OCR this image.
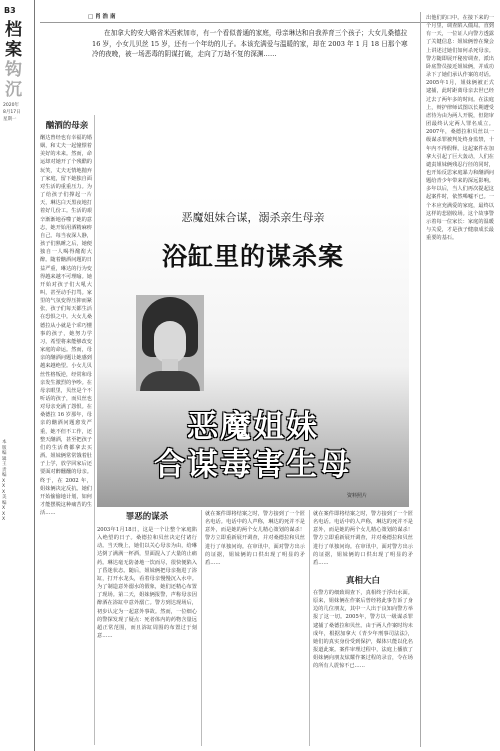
B3
档
案
钩
沉
2020年
8月17日
星期一
本版编辑 王 责编 XXX 美编 XXX
□ 肖 浩 南
在加拿大的安大略省米西索加市，有一个看似普通的家庭，母亲琳达和自我养育三个孩子；大女儿桑德拉 16 岁，小女儿贝丝 15 岁，还有一个年幼的儿子。本该充满爱与温暖的家，却在 2003 年 1 月 18 日那个寒冷的夜晚，被一场恶毒的阴谋打破，走向了万劫不复的深渊……
酗酒的母亲
酗达曾经也有幸福的婚姻，和丈夫一起憧憬着美好的未来。然而，命运却对她开了个残酷的玩笑，丈夫无情地抛弃了家庭，留下她独自面对生活的重重压力。为了给孩子们撑起一片天，琳达白天黑夜地打着好几份工。生活的艰辛渐渐地吞噬了她的意志，她开始用酒精麻痹自己。每当夜深人静，孩子们熟睡之后，她便独自一人喝得酩酊大醉。随着酗酒问题的日益严重，琳达的行为变得越来越不可理喻。她开始对孩子们大吼大叫，甚至动手打骂。家里的气氛变得压抑而紧张，孩子们每天都生活在恐惧之中。大女儿桑德拉从小就是个乖巧懂事的孩子，她努力学习，希望将来能够改变家庭的命运。然而，母亲的酗酒问题让她感到越来越绝望。小女儿贝丝性格叛逆，经常和母亲发生激烈的争吵。在母亲眼里，贝丝是个不听话的孩子，而贝丝也对母亲充满了怨恨。在桑德拉 16 岁那年，母亲的酗酒问题愈发严重，她不但不工作，还整天酗酒，甚至把孩子们的生活费都拿去买酒。姐妹俩常常饿着肚子上学，放学回家后还要面对醉醺醺的母亲。终于，在 2002 年，姐妹俩决定反抗。她们开始偷偷地计划，如何才能摆脱这种痛苦的生活……
恶魔姐妹合谋，溺杀亲生母亲
浴缸里的谋杀案
恶魔姐妹
合谋毒害生母
资料照片
罪恶的谋杀
2003年1月18日，这是一个让整个家庭陷入绝望的日子。桑德拉和贝丝决定付诸行动。当天晚上，她们以关心母亲为由，给琳达倒了满满一杯酒，里面混入了大量的止痛药。琳达毫无防备地一饮而尽，很快便陷入了昏迷状态。随后，姐妹俩把母亲拖进了浴缸，打开水龙头，看着母亲慢慢沉入水中。为了制造意外溺水的假象，她们还精心布置了现场。第二天，姐妹俩报警，声称母亲因醉酒在浴缸中意外溺亡。警方到达现场后，初步认定为一起意外事故。然而，一位细心的警探发现了疑点：死者体内的药物含量远超正常范围，而且浴缸周围的布置过于刻意……
就在案件即将结案之时，警方接到了一个匿名电话。电话中的人声称，琳达的死并不是意外，而是她的两个女儿精心策划的谋杀！警方立即重新展开调查，并对桑德拉和贝丝进行了单独问询。在审讯中，面对警方出示的证据，姐妹俩的口供出现了明显的矛盾……
就在案件即将结案之时，警方接到了一个匿名电话。电话中的人声称，琳达的死并不是意外，而是她的两个女儿精心策划的谋杀！警方立即重新展开调查，并对桑德拉和贝丝进行了单独问询。在审讯中，面对警方出示的证据，姐妹俩的口供出现了明显的矛盾……
真相大白
在警方的细致调查下，真相终于浮出水面。原来，姐妹俩在作案后曾经将此事告诉了身边的几位朋友，其中一人出于良知向警方举报了这一切。2005年，警方以一级谋杀罪逮捕了桑德拉和贝丝。由于两人作案时均未成年，根据加拿大《青少年刑事司法法》，她们的真实身份受到保护，媒体只能以化名报道此案。案件审理过程中，法庭上播放了姐妹俩向朋友炫耀作案过程的录音，令在场的所有人震惊不已……
出他们的口中。在接下来的一个月里，调查陷入僵局。直到有一天，一位证人向警方透露了关键信息：姐妹俩曾在聚会上讲述过她们如何杀死母亲。警方随即展开秘密调查，派出卧底警员接近姐妹俩，并成功录下了她们承认作案的对话。2005年1月，姐妹俩被正式逮捕，此时距离母亲去世已经过去了两年多的时间。在法庭上，辩护律师试图以长期遭受虐待为由为两人开脱，但陪审团最终认定两人罪名成立。2007年，桑德拉和贝丝以一级谋杀罪被判处终身监禁，十年内不得假释。这起案件在加拿大引起了巨大轰动，人们在谴责姐妹俩残忍行径的同时，也开始反思家庭暴力和酗酒问题给青少年带来的深远影响。多年以后，当人们再次提起这起案件时，依然唏嘘不已。一个本应充满爱的家庭，最终以这样的悲剧收场。这个故事警示着每一位家长：家庭的温暖与关爱，才是孩子健康成长最重要的基石。
